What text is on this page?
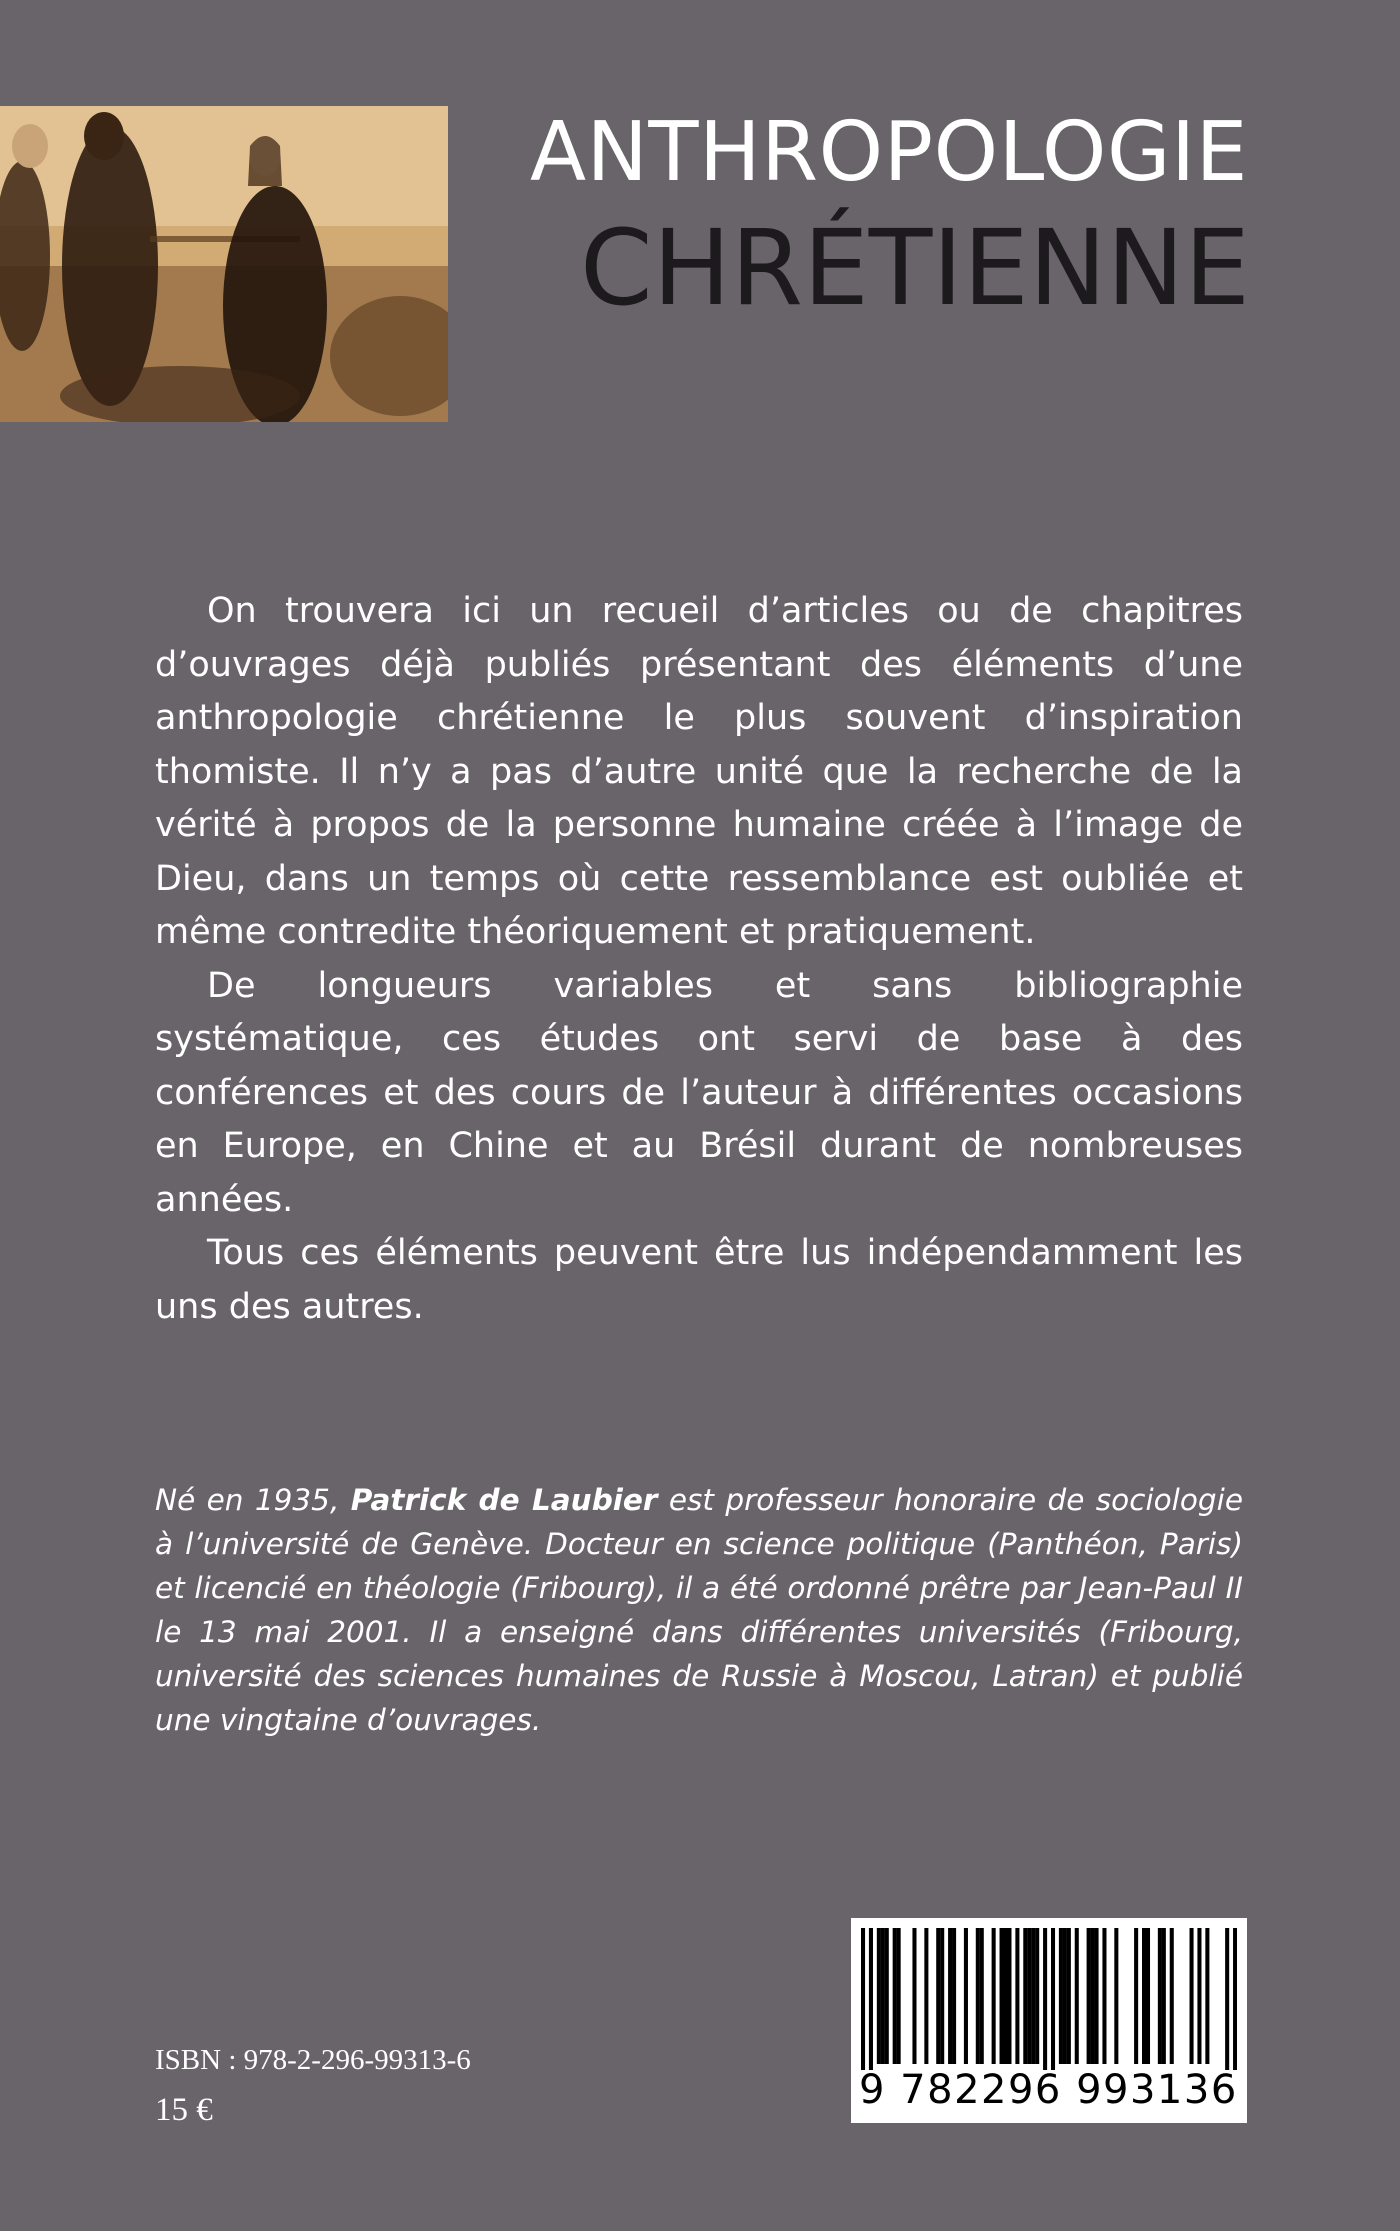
ANTHROPOLOGIE
CHRÉTIENNE

On trouvera ici un recueil d’articles ou de chapitres d’ouvrages déjà publiés présentant des éléments d’une anthropologie chrétienne le plus souvent d’inspiration thomiste. Il n’y a pas d’autre unité que la recherche de la vérité à propos de la personne humaine créée à l’image de Dieu, dans un temps où cette ressemblance est oubliée et même contredite théoriquement et pratiquement.

De longueurs variables et sans bibliographie systématique, ces études ont servi de base à des conférences et des cours de l’auteur à différentes occasions en Europe, en Chine et au Brésil durant de nombreuses années.

Tous ces éléments peuvent être lus indépendamment les uns des autres.

Né en 1935, Patrick de Laubier est professeur honoraire de sociologie à l’université de Genève. Docteur en science politique (Panthéon, Paris) et licencié en théologie (Fribourg), il a été ordonné prêtre par Jean-Paul II le 13 mai 2001. Il a enseigné dans différentes universités (Fribourg, université des sciences humaines de Russie à Moscou, Latran) et publié une vingtaine d’ouvrages.

ISBN : 978-2-296-99313-6
15 €	9 782296 993136
